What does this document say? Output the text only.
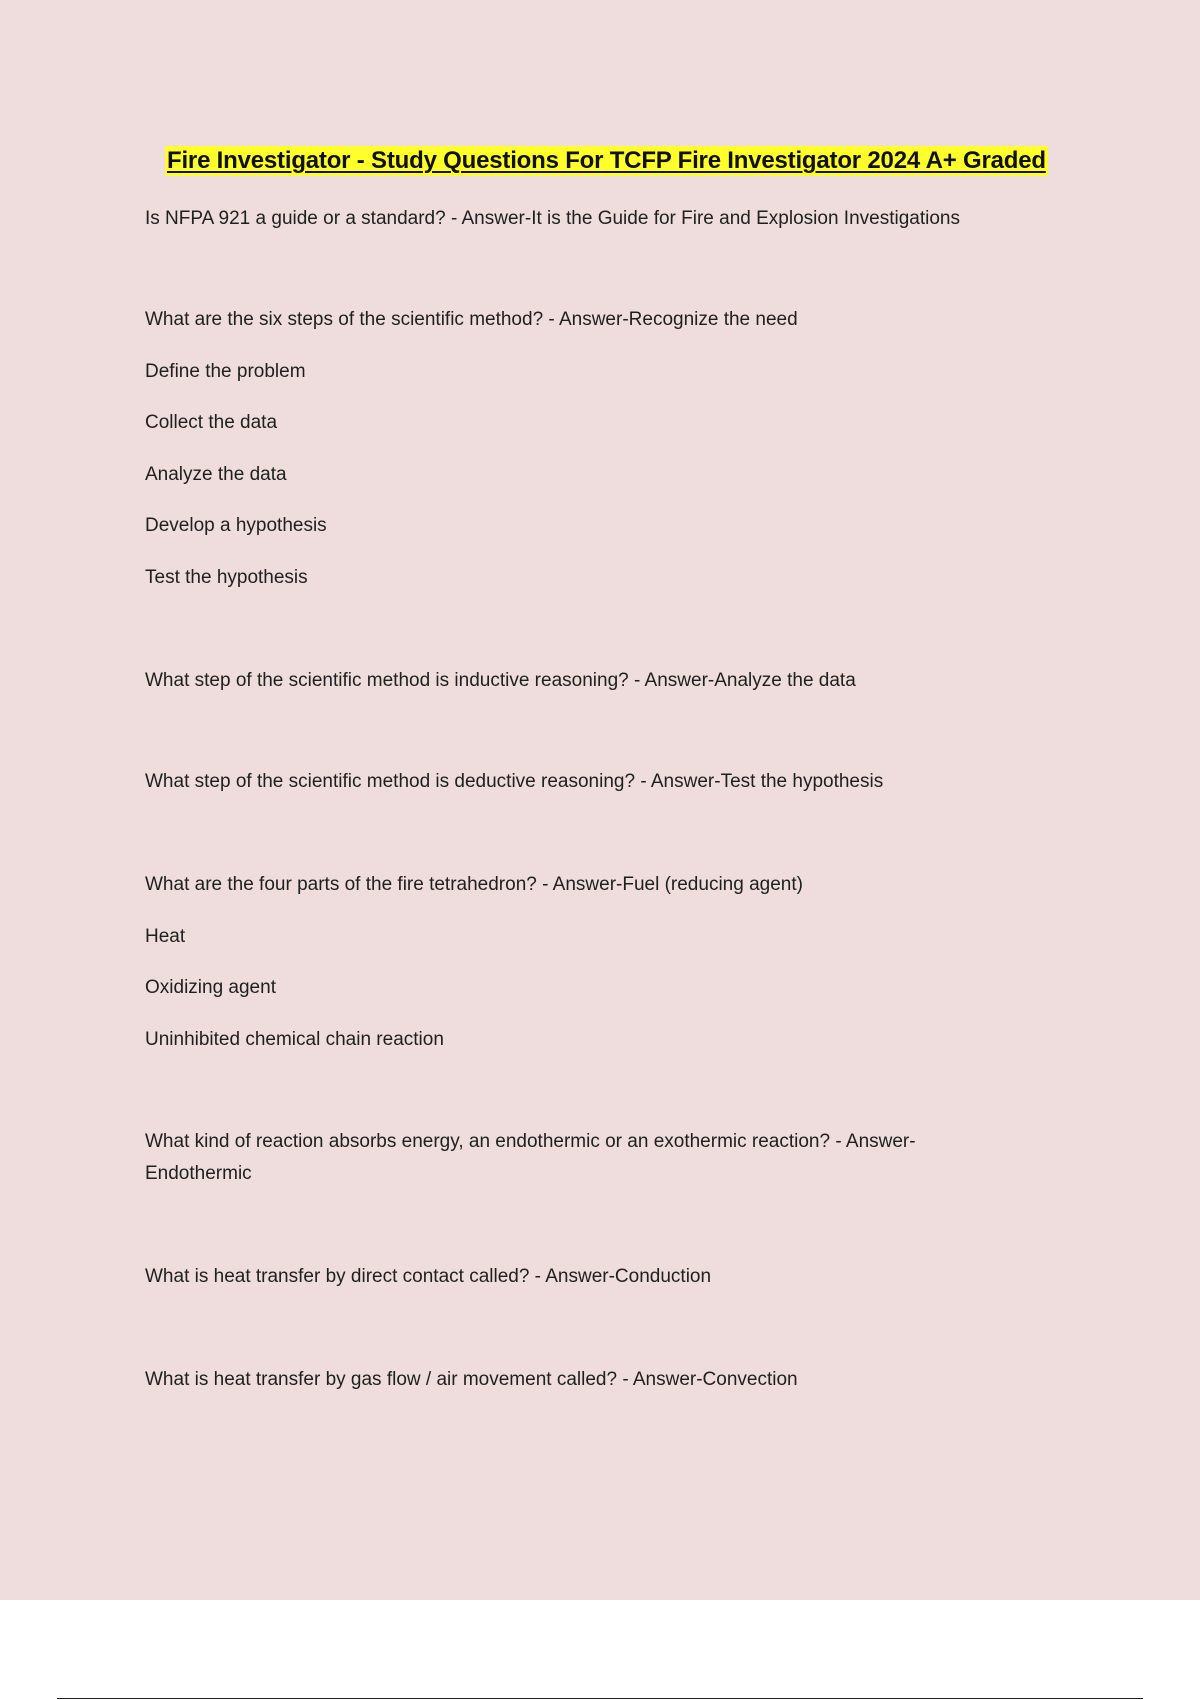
Fire Investigator - Study Questions For TCFP Fire Investigator 2024 A+ Graded

Is NFPA 921 a guide or a standard? - Answer-It is the Guide for Fire and Explosion Investigations

What are the six steps of the scientific method? - Answer-Recognize the need

Define the problem

Collect the data

Analyze the data

Develop a hypothesis

Test the hypothesis

What step of the scientific method is inductive reasoning? - Answer-Analyze the data

What step of the scientific method is deductive reasoning? - Answer-Test the hypothesis

What are the four parts of the fire tetrahedron? - Answer-Fuel (reducing agent)

Heat

Oxidizing agent

Uninhibited chemical chain reaction

What kind of reaction absorbs energy, an endothermic or an exothermic reaction? - Answer-

Endothermic

What is heat transfer by direct contact called? - Answer-Conduction

What is heat transfer by gas flow / air movement called? - Answer-Convection
